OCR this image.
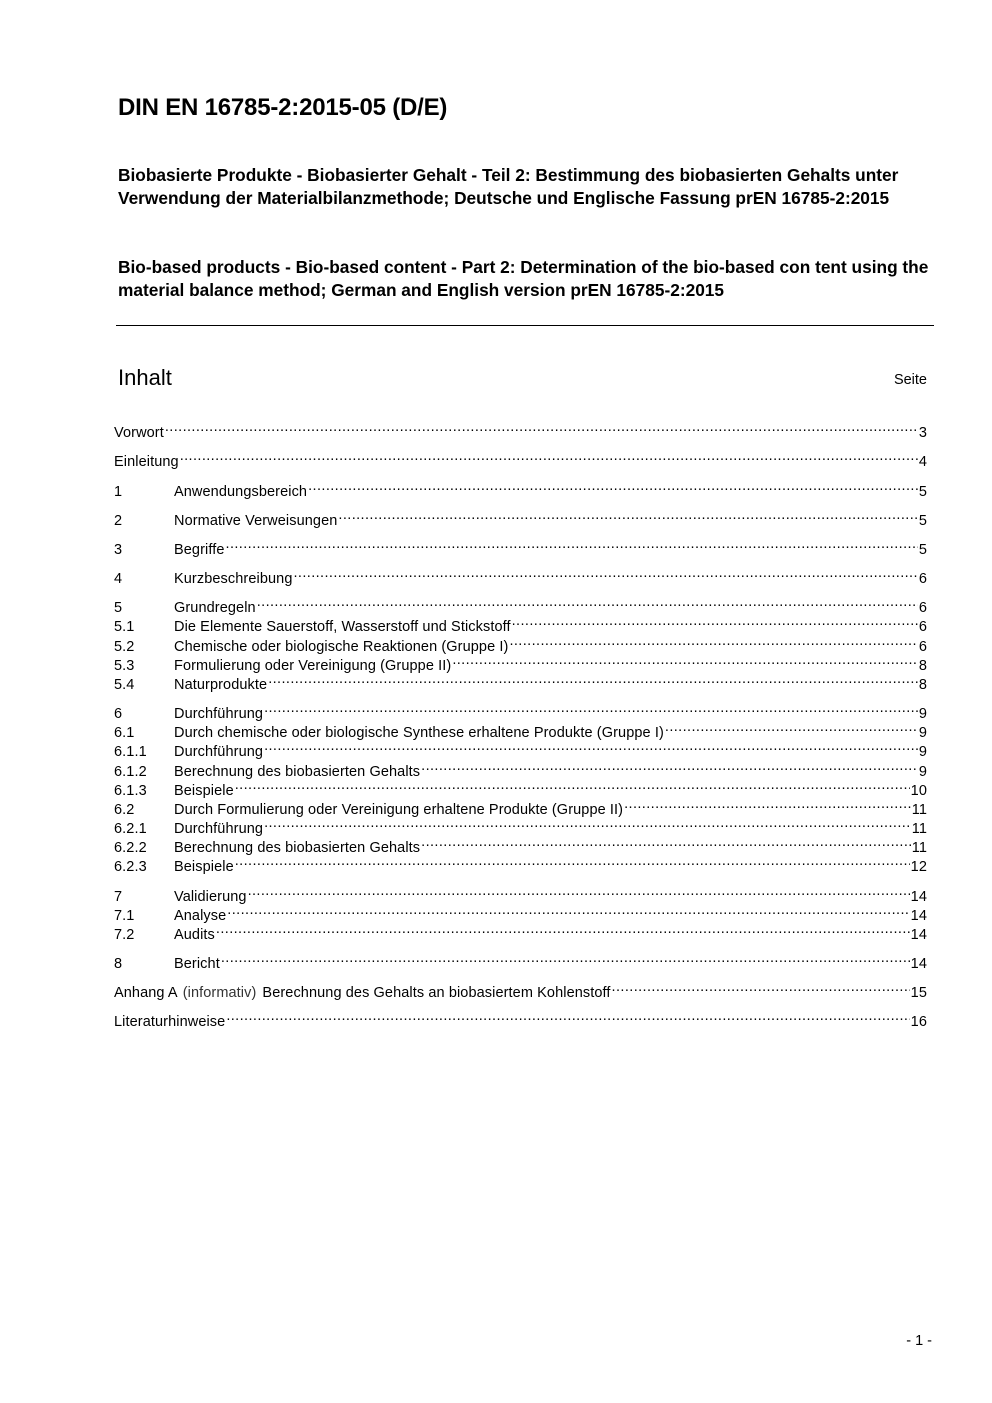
DIN EN 16785-2:2015-05 (D/E)
Biobasierte Produkte - Biobasierter Gehalt - Teil 2: Bestimmung des biobasierten Gehalts unter Verwendung der Materialbilanzmethode; Deutsche und Englische Fassung prEN 16785-2:2015
Bio-based products - Bio-based content - Part 2: Determination of the bio-based con tent using the material balance method; German and English version prEN 16785-2:2015
Inhalt	Seite
Vorwort .....	3
Einleitung .....	4
1	Anwendungsbereich .....	5
2	Normative Verweisungen .....	5
3	Begriffe .....	5
4	Kurzbeschreibung .....	6
5	Grundregeln .....	6
5.1	Die Elemente Sauerstoff, Wasserstoff und Stickstoff .....	6
5.2	Chemische oder biologische Reaktionen (Gruppe I) .....	6
5.3	Formulierung oder Vereinigung (Gruppe II) .....	8
5.4	Naturprodukte .....	8
6	Durchführung .....	9
6.1	Durch chemische oder biologische Synthese erhaltene Produkte (Gruppe I) .....	9
6.1.1	Durchführung .....	9
6.1.2	Berechnung des biobasierten Gehalts .....	9
6.1.3	Beispiele .....	10
6.2	Durch Formulierung oder Vereinigung erhaltene Produkte (Gruppe II) .....	11
6.2.1	Durchführung .....	11
6.2.2	Berechnung des biobasierten Gehalts .....	11
6.2.3	Beispiele .....	12
7	Validierung .....	14
7.1	Analyse .....	14
7.2	Audits .....	14
8	Bericht .....	14
Anhang A (informativ) Berechnung des Gehalts an biobasiertem Kohlenstoff .....	15
Literaturhinweise .....	16
- 1 -
